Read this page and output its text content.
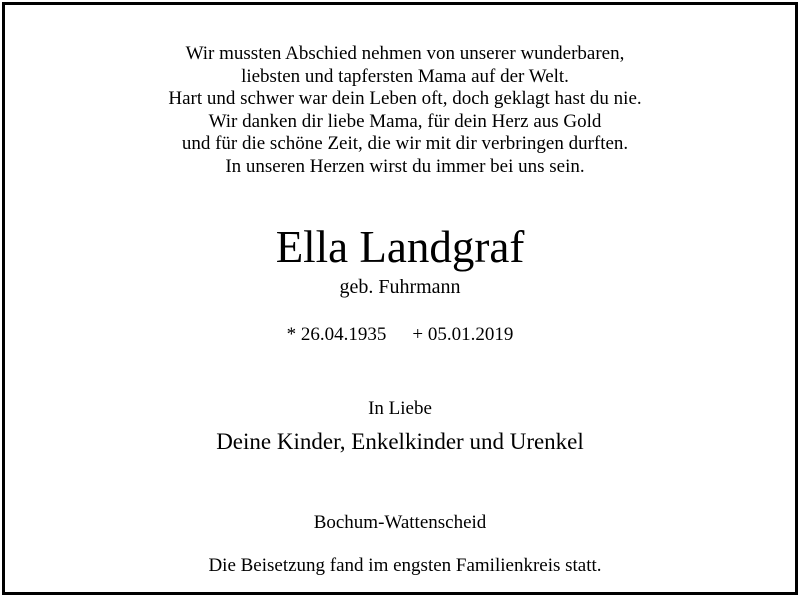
Wir mussten Abschied nehmen von unserer wunderbaren,
liebsten und tapfersten Mama auf der Welt.
Hart und schwer war dein Leben oft, doch geklagt hast du nie.
Wir danken dir liebe Mama, für dein Herz aus Gold
und für die schöne Zeit, die wir mit dir verbringen durften.
In unseren Herzen wirst du immer bei uns sein.
Ella Landgraf
geb. Fuhrmann
* 26.04.1935 + 05.01.2019
In Liebe
Deine Kinder, Enkelkinder und Urenkel
Bochum-Wattenscheid
Die Beisetzung fand im engsten Familienkreis statt.
